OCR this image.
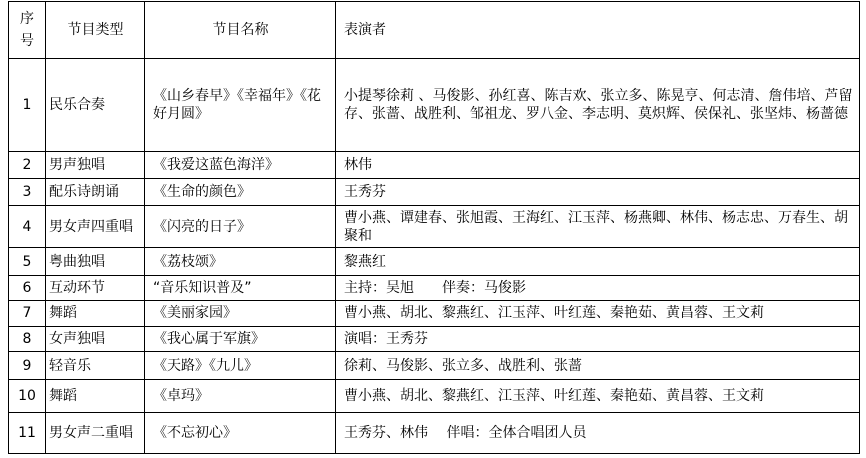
序号	节目类型	节目名称	表演者
1	民乐合奏	《山乡春早》《幸福年》《花好月圆》	小提琴徐莉 、马俊影、孙红喜、陈吉欢、张立多、陈晃亨、何志清、詹伟培、芦留存、张蔷、战胜利、邹祖龙、罗八金、李志明、莫炽辉、侯保礼、张坚炜、杨蔷德
2	男声独唱	《我爱这蓝色海洋》	林伟
3	配乐诗朗诵	《生命的颜色》	王秀芬
4	男女声四重唱	《闪亮的日子》	曹小燕、谭建春、张旭霞、王海红、江玉萍、杨燕卿、林伟、杨志忠、万春生、胡聚和
5	粤曲独唱	《荔枝颂》	黎燕红
6	互动环节	“音乐知识普及”	主持：吴旭　　伴奏：马俊影
7	舞蹈	《美丽家园》	曹小燕、胡北、黎燕红、江玉萍、叶红莲、秦艳茹、黄昌蓉、王文莉
8	女声独唱	《我心属于军旗》	演唱：王秀芬
9	轻音乐	《天路》《九儿》	徐莉、马俊影、张立多、战胜利、张蔷
10	舞蹈	《卓玛》	曹小燕、胡北、黎燕红、江玉萍、叶红莲、秦艳茹、黄昌蓉、王文莉
11	男女声二重唱	《不忘初心》	王秀芬、林伟　 伴唱：全体合唱团人员
